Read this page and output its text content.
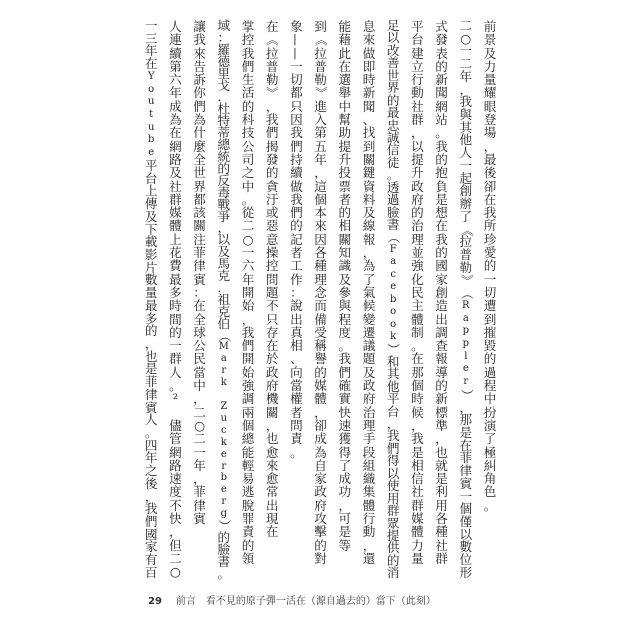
前
景
及
力
量
耀
眼
登
場
，
最
後
卻
在
我
所
珍
愛
的
一
切
遭
到
摧
毀
的
過
程
中
扮
演
了
極
糾
角
色
。
二
○
一
二
年
，
我
與
其
他
人
一
起
創
辦
了
《
拉
普
勒
》
（
R
a
p
p
l
e
r
）
，
那
是
在
菲
律
賓
一
個
僅
以
數
位
形
式
發
表
的
新
聞
網
站
。
我
的
抱
負
是
想
在
我
的
國
家
創
造
出
調
查
報
導
的
新
標
準
，
也
就
是
利
用
各
種
社
群
平
台
建
立
行
動
社
群
，
以
提
升
政
府
的
治
理
並
強
化
民
主
體
制
。
在
那
個
時
候
，
我
是
相
信
社
群
媒
體
力
量
足
以
改
善
世
界
的
最
忠
誠
信
徒
。
透
過
臉
書
（
F
a
c
e
b
o
o
k
）
和
其
他
平
台
，
我
們
得
以
使
用
群
眾
提
供
的
消
息
來
做
即
時
新
聞
、
找
到
關
鍵
資
料
及
線
報
，
為
了
氣
候
變
遷
議
題
及
政
府
治
理
手
段
組
織
集
體
行
動
，
還
能
藉
此
在
選
舉
中
幫
助
提
升
投
票
者
的
相
關
知
識
及
參
與
程
度
。
我
們
確
實
快
速
獲
得
了
成
功
，
可
是
等
到
《
拉
普
勒
》
進
入
第
五
年
，
這
個
本
來
因
各
種
理
念
而
備
受
稱
譽
的
媒
體
，
卻
成
為
自
家
政
府
攻
擊
的
對
象
—
—
一
切
都
只
因
我
們
持
續
做
我
們
的
記
者
工
作
：
說
出
真
相
、
向
當
權
者
問
責
。
在
《
拉
普
勒
》
，
我
們
揭
發
的
貪
汙
或
惡
意
操
控
問
題
不
只
存
在
於
政
府
機
關
，
也
愈
來
愈
常
出
現
在
掌
控
我
們
生
活
的
科
技
公
司
之
中
。
從
二
○
一
六
年
開
始
，
我
們
開
始
強
調
兩
個
總
能
輕
易
逃
脫
罪
責
的
領
域
：
羅
德
里
戈
．
杜
特
蒂
總
統
的
反
毒
戰
爭
，
以
及
馬
克
．
祖
克
伯
（
M
a
r
k
Z
u
c
k
e
r
b
e
r
g
）
的
臉
書
。
讓
我
來
告
訴
你
們
為
什
麼
全
世
界
都
該
關
注
菲
律
賓
：
在
全
球
公
民
當
中
，
二
○
二
一
年
，
菲
律
賓
人
連
續
第
六
年
成
為
在
網
路
及
社
群
媒
體
上
花
費
最
多
時
間
的
一
群
人
。
²
儘
管
網
路
速
度
不
快
，
但
二
○
一
三
年
在
Y
o
u
t
u
b
e
平
台
上
傳
及
下
載
影
片
數
量
最
多
的
，
也
是
菲
律
賓
人
。
四
年
之
後
，
我
們
國
家
有
百
29 前言　看不見的原子彈一活在（源自過去的）當下（此刻）
